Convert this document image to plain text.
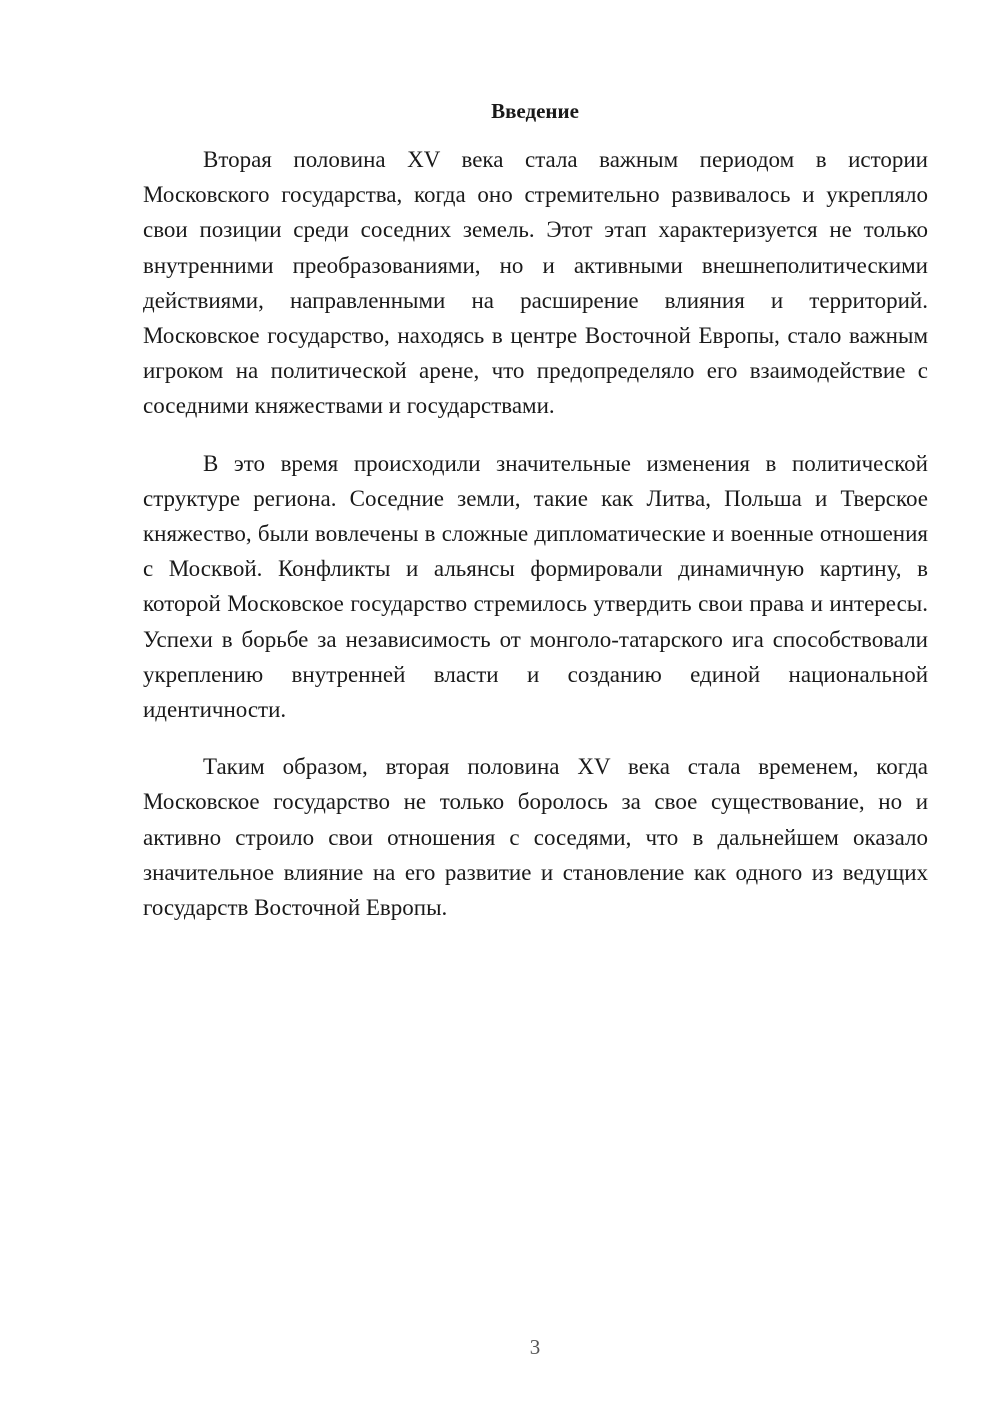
Введение

Вторая половина XV века стала важным периодом в истории Московского государства, когда оно стремительно развивалось и укрепляло свои позиции среди соседних земель. Этот этап характеризуется не только внутренними преобразованиями, но и активными внешнеполитическими действиями, направленными на расширение влияния и территорий. Московское государство, находясь в центре Восточной Европы, стало важным игроком на политической арене, что предопределяло его взаимодействие с соседними княжествами и государствами.

В это время происходили значительные изменения в политической структуре региона. Соседние земли, такие как Литва, Польша и Тверское княжество, были вовлечены в сложные дипломатические и военные отношения с Москвой. Конфликты и альянсы формировали динамичную картину, в которой Московское государство стремилось утвердить свои права и интересы. Успехи в борьбе за независимость от монголо-татарского ига способствовали укреплению внутренней власти и созданию единой национальной идентичности.

Таким образом, вторая половина XV века стала временем, когда Московское государство не только боролось за свое существование, но и активно строило свои отношения с соседями, что в дальнейшем оказало значительное влияние на его развитие и становление как одного из ведущих государств Восточной Европы.

3
